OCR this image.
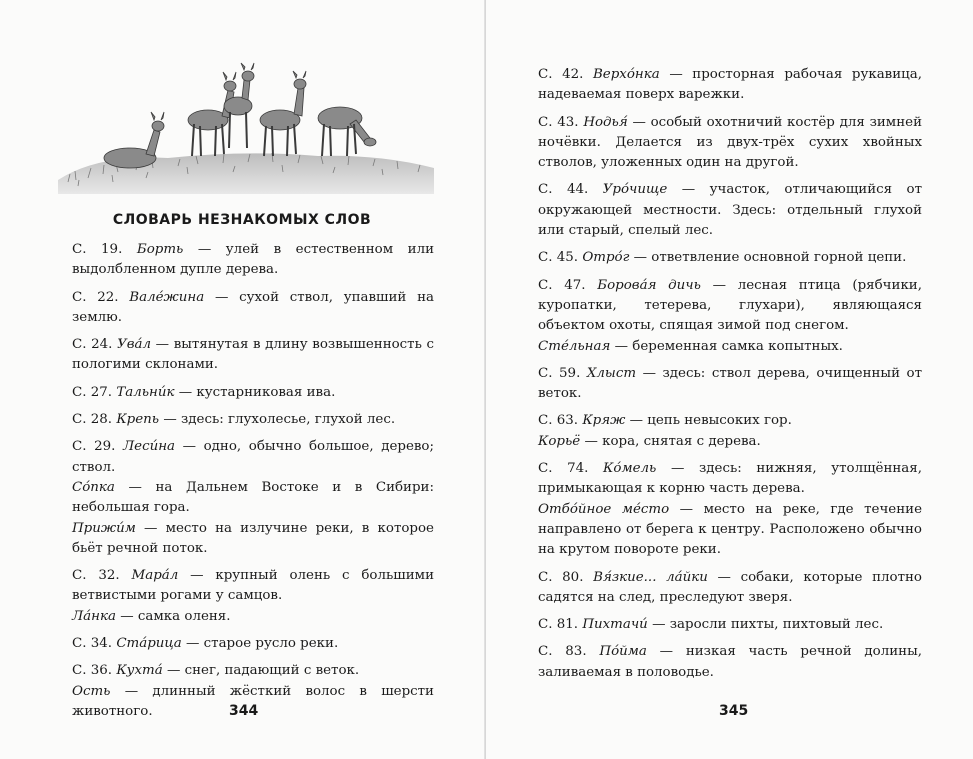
СЛОВАРЬ НЕЗНАКОМЫХ СЛОВ

С. 19. Борть — улей в естественном или выдолбленном дупле дерева.

С. 22. Вале́жина — сухой ствол, упавший на землю.

С. 24. Ува́л — вытянутая в длину возвышенность с пологими склонами.

С. 27. Тальни́к — кустарниковая ива.

С. 28. Крепь — здесь: глухолесье, глухой лес.

С. 29. Леси́на — одно, обычно большое, дерево; ствол.

Со́пка — на Дальнем Востоке и в Сибири: небольшая гора.

Прижи́м — место на излучине реки, в которое бьёт речной поток.

С. 32. Мара́л — крупный олень с большими ветвистыми рогами у самцов.

Ла́нка — самка оленя.

С. 34. Ста́рица — старое русло реки.

С. 36. Кухта́ — снег, падающий с веток.

Ость — длинный жёсткий волос в шерсти животного.

С. 42. Верхо́нка — просторная рабочая рукавица, надеваемая поверх варежки.

С. 43. Нодья́ — особый охотничий костёр для зимней ночёвки. Делается из двух-трёх сухих хвойных стволов, уложенных один на другой.

С. 44. Уро́чище — участок, отличающийся от окружающей местности. Здесь: отдельный глухой или старый, спелый лес.

С. 45. Отро́г — ответвление основной горной цепи.

С. 47. Борова́я дичь — лесная птица (рябчики, куропатки, тетерева, глухари), являющаяся объектом охоты, спящая зимой под снегом.

Сте́льная — беременная самка копытных.

С. 59. Хлыст — здесь: ствол дерева, очищенный от веток.

С. 63. Кряж — цепь невысоких гор.

Корьё — кора, снятая с дерева.

С. 74. Ко́мель — здесь: нижняя, утолщённая, примыкающая к корню часть дерева.

Отбо́йное ме́сто — место на реке, где течение направлено от берега к центру. Расположено обычно на крутом повороте реки.

С. 80. Вя́зкие... ла́йки — собаки, которые плотно садятся на след, преследуют зверя.

С. 81. Пихтачи́ — заросли пихты, пихтовый лес.

С. 83. По́йма — низкая часть речной долины, заливаемая в половодье.

344	345
